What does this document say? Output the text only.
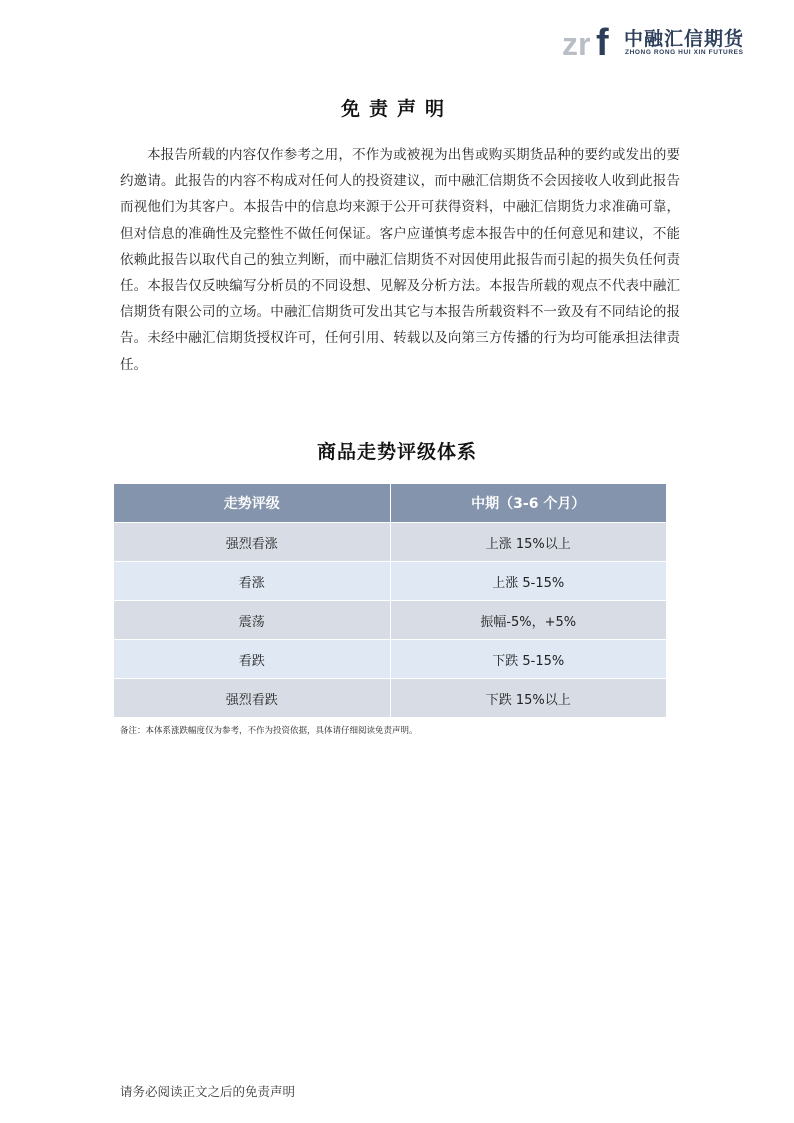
zr f 中融汇信期货
ZHONG RONG HUI XIN FUTURES
免责声明

本报告所载的内容仅作参考之用，不作为或被视为出售或购买期货品种的要约或发出的要约邀请。此报告的内容不构成对任何人的投资建议，而中融汇信期货不会因接收人收到此报告而视他们为其客户。本报告中的信息均来源于公开可获得资料，中融汇信期货力求准确可靠，但对信息的准确性及完整性不做任何保证。客户应谨慎考虑本报告中的任何意见和建议，不能依赖此报告以取代自己的独立判断，而中融汇信期货不对因使用此报告而引起的损失负任何责任。本报告仅反映编写分析员的不同设想、见解及分析方法。本报告所载的观点不代表中融汇信期货有限公司的立场。中融汇信期货可发出其它与本报告所载资料不一致及有不同结论的报告。未经中融汇信期货授权许可，任何引用、转载以及向第三方传播的行为均可能承担法律责任。

商品走势评级体系
走势评级	中期（3-6 个月）
强烈看涨	上涨 15%以上
看涨	上涨 5-15%
震荡	振幅-5%，+5%
看跌	下跌 5-15%
强烈看跌	下跌 15%以上
备注：本体系涨跌幅度仅为参考，不作为投资依据，具体请仔细阅读免责声明。
请务必阅读正文之后的免责声明
